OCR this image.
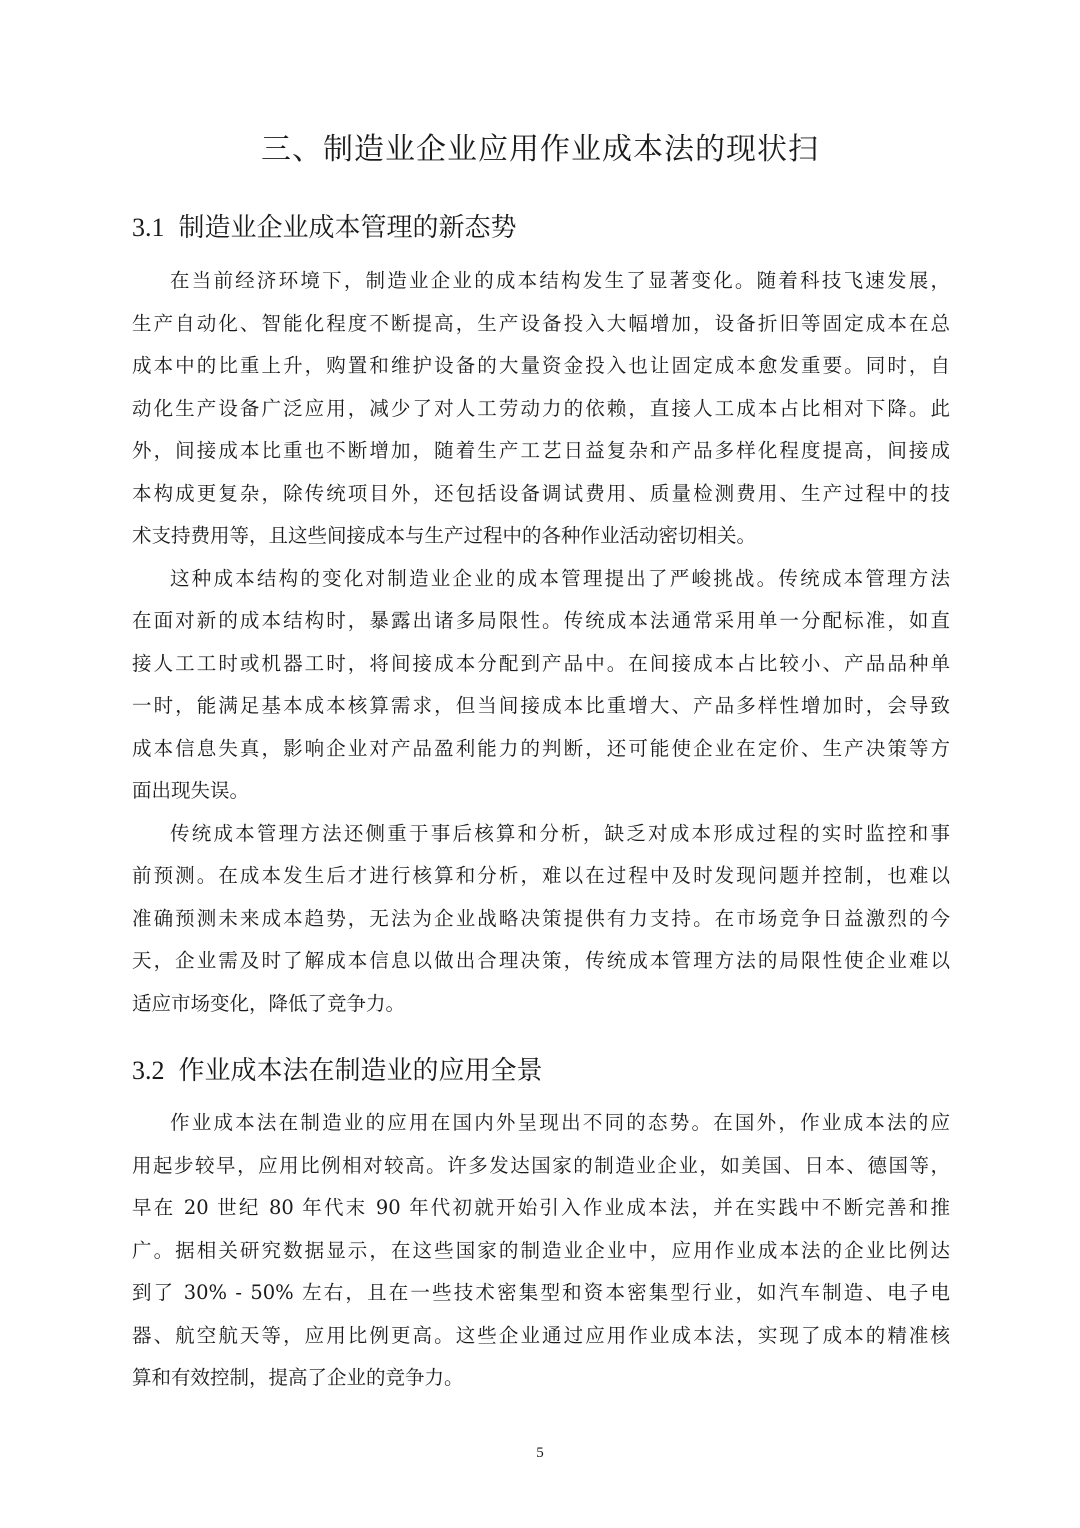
三、制造业企业应用作业成本法的现状扫
3.1 制造业企业成本管理的新态势
在当前经济环境下，制造业企业的成本结构发生了显著变化。随着科技飞速发展，
生产自动化、智能化程度不断提高，生产设备投入大幅增加，设备折旧等固定成本在总
成本中的比重上升，购置和维护设备的大量资金投入也让固定成本愈发重要。同时，自
动化生产设备广泛应用，减少了对人工劳动力的依赖，直接人工成本占比相对下降。此
外，间接成本比重也不断增加，随着生产工艺日益复杂和产品多样化程度提高，间接成
本构成更复杂，除传统项目外，还包括设备调试费用、质量检测费用、生产过程中的技
术支持费用等，且这些间接成本与生产过程中的各种作业活动密切相关。
这种成本结构的变化对制造业企业的成本管理提出了严峻挑战。传统成本管理方法
在面对新的成本结构时，暴露出诸多局限性。传统成本法通常采用单一分配标准，如直
接人工工时或机器工时，将间接成本分配到产品中。在间接成本占比较小、产品品种单
一时，能满足基本成本核算需求，但当间接成本比重增大、产品多样性增加时，会导致
成本信息失真，影响企业对产品盈利能力的判断，还可能使企业在定价、生产决策等方
面出现失误。
传统成本管理方法还侧重于事后核算和分析，缺乏对成本形成过程的实时监控和事
前预测。在成本发生后才进行核算和分析，难以在过程中及时发现问题并控制，也难以
准确预测未来成本趋势，无法为企业战略决策提供有力支持。在市场竞争日益激烈的今
天，企业需及时了解成本信息以做出合理决策，传统成本管理方法的局限性使企业难以
适应市场变化，降低了竞争力。
3.2 作业成本法在制造业的应用全景
作业成本法在制造业的应用在国内外呈现出不同的态势。在国外，作业成本法的应
用起步较早，应用比例相对较高。许多发达国家的制造业企业，如美国、日本、德国等，
早在 20 世纪 80 年代末 90 年代初就开始引入作业成本法，并在实践中不断完善和推
广。据相关研究数据显示，在这些国家的制造业企业中，应用作业成本法的企业比例达
到了 30% - 50% 左右，且在一些技术密集型和资本密集型行业，如汽车制造、电子电
器、航空航天等，应用比例更高。这些企业通过应用作业成本法，实现了成本的精准核
算和有效控制，提高了企业的竞争力。
5
